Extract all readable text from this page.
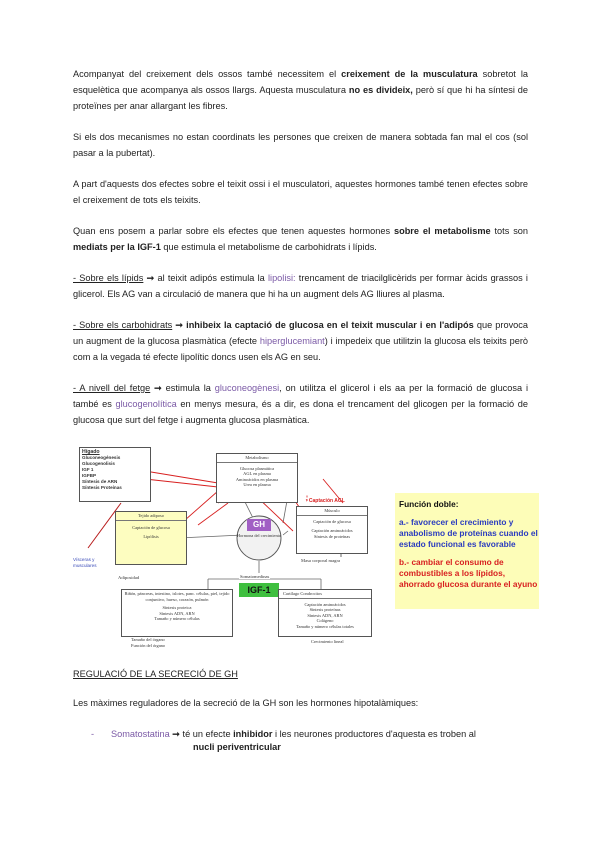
Acompanyat del creixement dels ossos també necessitem el creixement de la musculatura sobretot la esquelètica que acompanya als ossos llargs. Aquesta musculatura no es divideix, però sí que hi ha síntesi de proteïnes per anar allargant les fibres.

Si els dos mecanismes no estan coordinats les persones que creixen de manera sobtada fan mal el cos (sol pasar a la pubertat).

A part d'aquests dos efectes sobre el teixit ossi i el musculatori, aquestes hormones també tenen efectes sobre el creixement de tots els teixits.

Quan ens posem a parlar sobre els efectes que tenen aquestes hormones sobre el metabolisme tots son mediats per la IGF-1 que estimula el metabolisme de carbohidrats i lípids.

- Sobre els lípids ➞ al teixit adipós estimula la lipolisi: trencament de triacilglicèrids per formar àcids grassos i glicerol. Els AG van a circulació de manera que hi ha un augment dels AG lliures al plasma.

- Sobre els carbohidrats ➞ inhibeix la captació de glucosa en el teixit muscular i en l'adipós que provoca un augment de la glucosa plasmàtica (efecte hiperglucemiant) i impedeix que utilitzin la glucosa els teixits però com a la vegada té efecte lipolític doncs usen els AG en seu.

- A nivell del fetge ➞ estimula la gluconeogènesi, on utilitza el glicerol i els aa per la formació de glucosa i també es glucogenolítica en menys mesura, és a dir, es dona el trencament del glicogen per la formació de glucosa que surt del fetge i augmenta glucosa plasmàtica.

Hígado
Gluconeogénesis
Glucogenolisis
IGF 1
IGFBP
Síntesis de ARN
Síntesis Proteínas
Tejido adiposo
Captación de glucosa
Lipólisis
Adiposidad
Vísceras y musculares
Metabolismo
Glucosa plasmática
AGL en plasma
Aminoácidos en plasma
Urea en plasma
↑ Captación AGL
Músculo
Captación de glucosa
Captación aminoácidos
Síntesis de proteínas
Masa corporal magra
GH
Hormona del crecimiento
Somatomedinas
IGF-1
Riñón, páncreas, intestino, islotes, panc. células, piel, tejido conjuntivo, hueso, corazón, pulmón
Síntesis proteica
Síntesis ADN, ARN
Tamaño y número células
Tamaño del órgano
Función del órgano
Cartílago Condrocitos
Captación aminoácidos
Síntesis proteínas
Síntesis ADN, ARN
Colágeno
Tamaño y número células totales
Crecimiento lineal
Función doble:
a.- favorecer el crecimiento y anabolismo de proteínas cuando el estado funcional es favorable
b.- cambiar el consumo de combustibles a los lípidos, ahorrado glucosa durante el ayuno
REGULACIÓ DE LA SECRECIÓ DE GH

Les màximes reguladores de la secreció de la GH son les hormones hipotalàmiques:

-	Somatostatina ➞ té un efecte inhibidor i les neurones productores d'aquesta es troben al
nucli periventricular
